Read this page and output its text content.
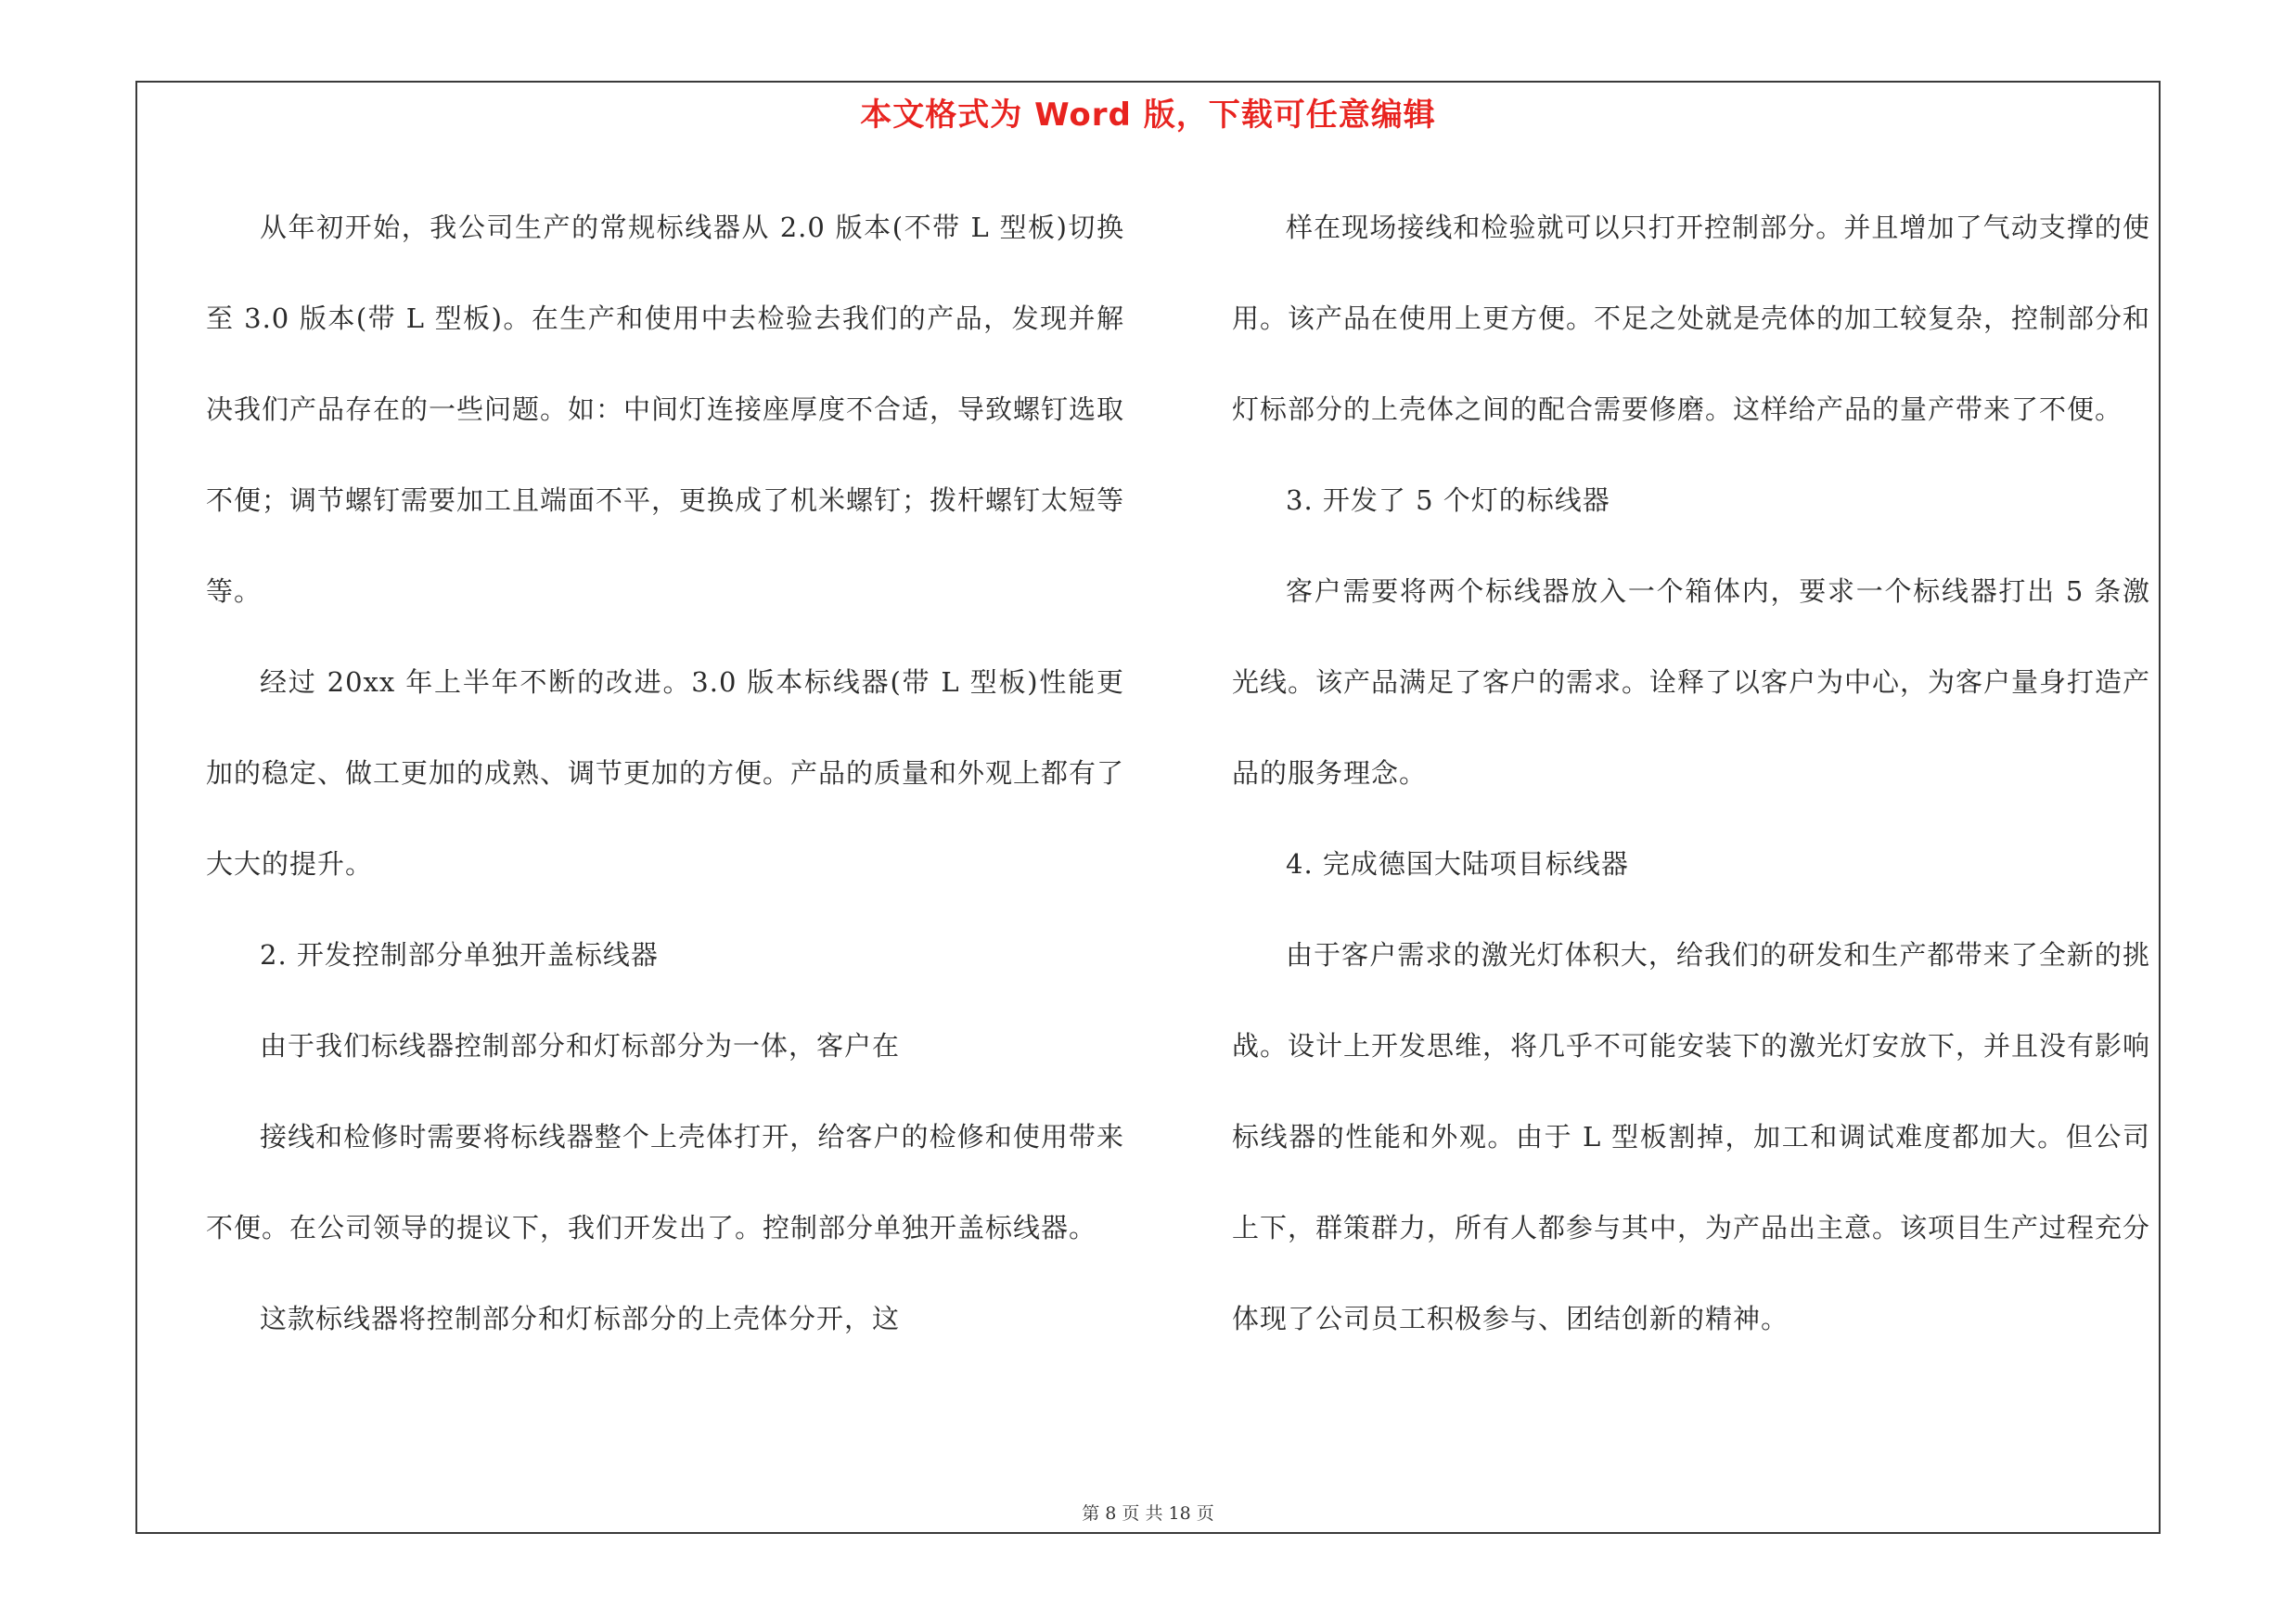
本文格式为 Word 版，下载可任意编辑

从年初开始，我公司生产的常规标线器从 2.0 版本(不带 L 型板)切换至 3.0 版本(带 L 型板)。在生产和使用中去检验去我们的产品，发现并解决我们产品存在的一些问题。如：中间灯连接座厚度不合适，导致螺钉选取不便；调节螺钉需要加工且端面不平，更换成了机米螺钉；拨杆螺钉太短等等。

经过 20xx 年上半年不断的改进。3.0 版本标线器(带 L 型板)性能更加的稳定、做工更加的成熟、调节更加的方便。产品的质量和外观上都有了大大的提升。

2. 开发控制部分单独开盖标线器

由于我们标线器控制部分和灯标部分为一体，客户在

接线和检修时需要将标线器整个上壳体打开，给客户的检修和使用带来不便。在公司领导的提议下，我们开发出了。控制部分单独开盖标线器。

这款标线器将控制部分和灯标部分的上壳体分开，这

样在现场接线和检验就可以只打开控制部分。并且增加了气动支撑的使用。该产品在使用上更方便。不足之处就是壳体的加工较复杂，控制部分和灯标部分的上壳体之间的配合需要修磨。这样给产品的量产带来了不便。

3. 开发了 5 个灯的标线器

客户需要将两个标线器放入一个箱体内，要求一个标线器打出 5 条激光线。该产品满足了客户的需求。诠释了以客户为中心，为客户量身打造产品的服务理念。

4. 完成德国大陆项目标线器

由于客户需求的激光灯体积大，给我们的研发和生产都带来了全新的挑战。设计上开发思维，将几乎不可能安装下的激光灯安放下，并且没有影响标线器的性能和外观。由于 L 型板割掉，加工和调试难度都加大。但公司上下，群策群力，所有人都参与其中，为产品出主意。该项目生产过程充分体现了公司员工积极参与、团结创新的精神。

第 8 页 共 18 页
